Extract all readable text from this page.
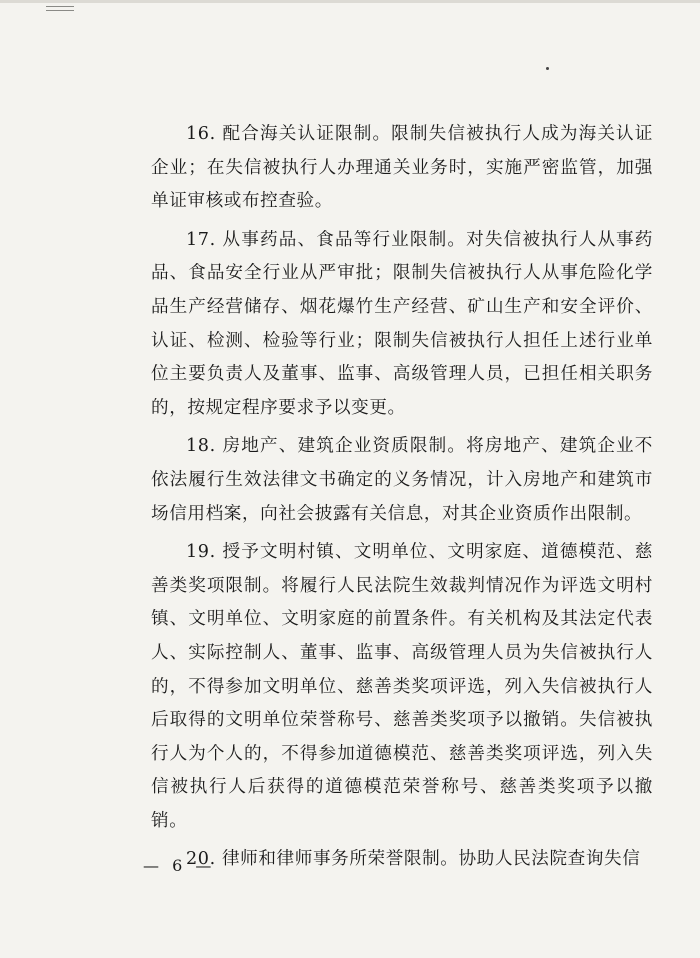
16. 配合海关认证限制。限制失信被执行人成为海关认证企业；在失信被执行人办理通关业务时，实施严密监管，加强单证审核或布控查验。

17. 从事药品、食品等行业限制。对失信被执行人从事药品、食品安全行业从严审批；限制失信被执行人从事危险化学品生产经营储存、烟花爆竹生产经营、矿山生产和安全评价、认证、检测、检验等行业；限制失信被执行人担任上述行业单位主要负责人及董事、监事、高级管理人员，已担任相关职务的，按规定程序要求予以变更。

18. 房地产、建筑企业资质限制。将房地产、建筑企业不依法履行生效法律文书确定的义务情况，计入房地产和建筑市场信用档案，向社会披露有关信息，对其企业资质作出限制。

19. 授予文明村镇、文明单位、文明家庭、道德模范、慈善类奖项限制。将履行人民法院生效裁判情况作为评选文明村镇、文明单位、文明家庭的前置条件。有关机构及其法定代表人、实际控制人、董事、监事、高级管理人员为失信被执行人的，不得参加文明单位、慈善类奖项评选，列入失信被执行人后取得的文明单位荣誉称号、慈善类奖项予以撤销。失信被执行人为个人的，不得参加道德模范、慈善类奖项评选，列入失信被执行人后获得的道德模范荣誉称号、慈善类奖项予以撤销。

20. 律师和律师事务所荣誉限制。协助人民法院查询失信

— 6 —
